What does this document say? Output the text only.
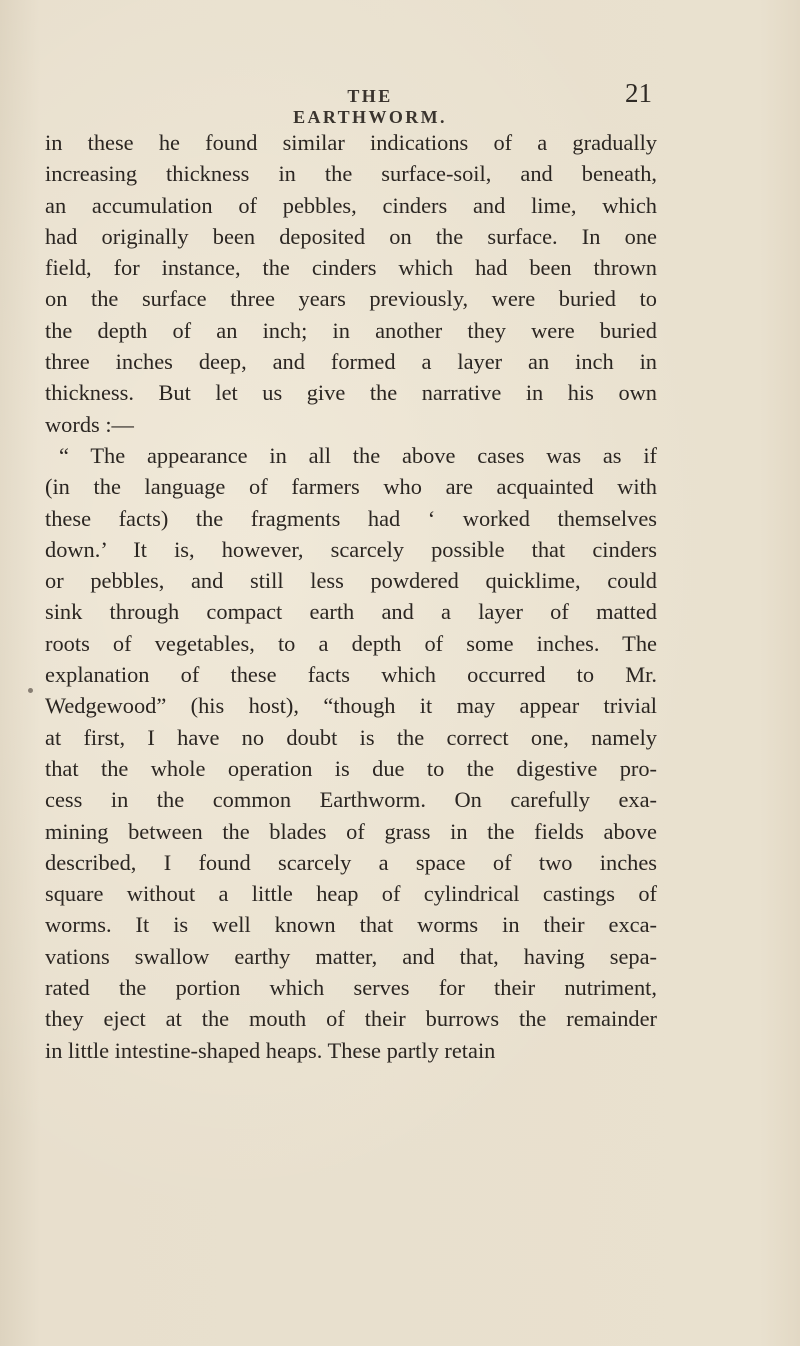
THE EARTHWORM.
21
in these he found similar indications of a gradually
increasing thickness in the surface-soil, and beneath,
an accumulation of pebbles, cinders and lime, which
had originally been deposited on the surface. In one
field, for instance, the cinders which had been thrown
on the surface three years previously, were buried to
the depth of an inch; in another they were buried
three inches deep, and formed a layer an inch in
thickness. But let us give the narrative in his own
words :—
“ The appearance in all the above cases was as if
(in the language of farmers who are acquainted with
these facts) the fragments had ‘ worked themselves
down.’ It is, however, scarcely possible that cinders
or pebbles, and still less powdered quicklime, could
sink through compact earth and a layer of matted
roots of vegetables, to a depth of some inches. The
explanation of these facts which occurred to Mr.
Wedgewood” (his host), “though it may appear trivial
at first, I have no doubt is the correct one, namely
that the whole operation is due to the digestive pro-
cess in the common Earthworm. On carefully exa-
mining between the blades of grass in the fields above
described, I found scarcely a space of two inches
square without a little heap of cylindrical castings of
worms. It is well known that worms in their exca-
vations swallow earthy matter, and that, having sepa-
rated the portion which serves for their nutriment,
they eject at the mouth of their burrows the remainder
in little intestine-shaped heaps. These partly retain
